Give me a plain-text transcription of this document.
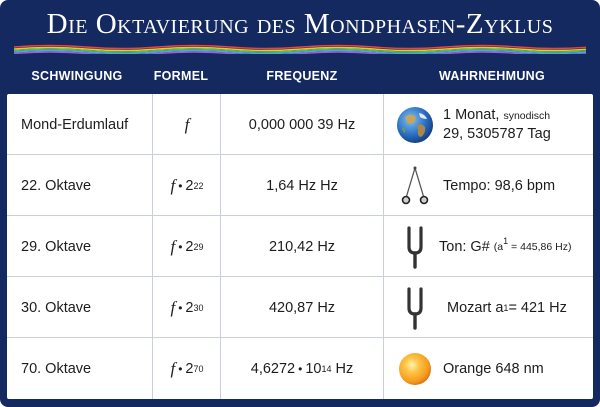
Die Oktavierung des Mondphasen-Zyklus
SCHWINGUNG	FORMEL	FREQUENZ	WAHRNEHMUNG
Mond-Erdumlauf	f	0,000 000 39 Hz
1 Monat, synodisch
29, 5305787 Tag
22. Oktave	f • 2 22	1,64 Hz Hz	Tempo: 98,6 bpm
29. Oktave	f • 2 29	210,42 Hz	Ton: G# ($a^1 = 445,86$ Hz)
30. Oktave	f • 2 30	420,87 Hz	Mozart a 1 = 421 Hz
70. Oktave	f • 2 70	4,6272 • 10 14 Hz	Orange 648 nm
